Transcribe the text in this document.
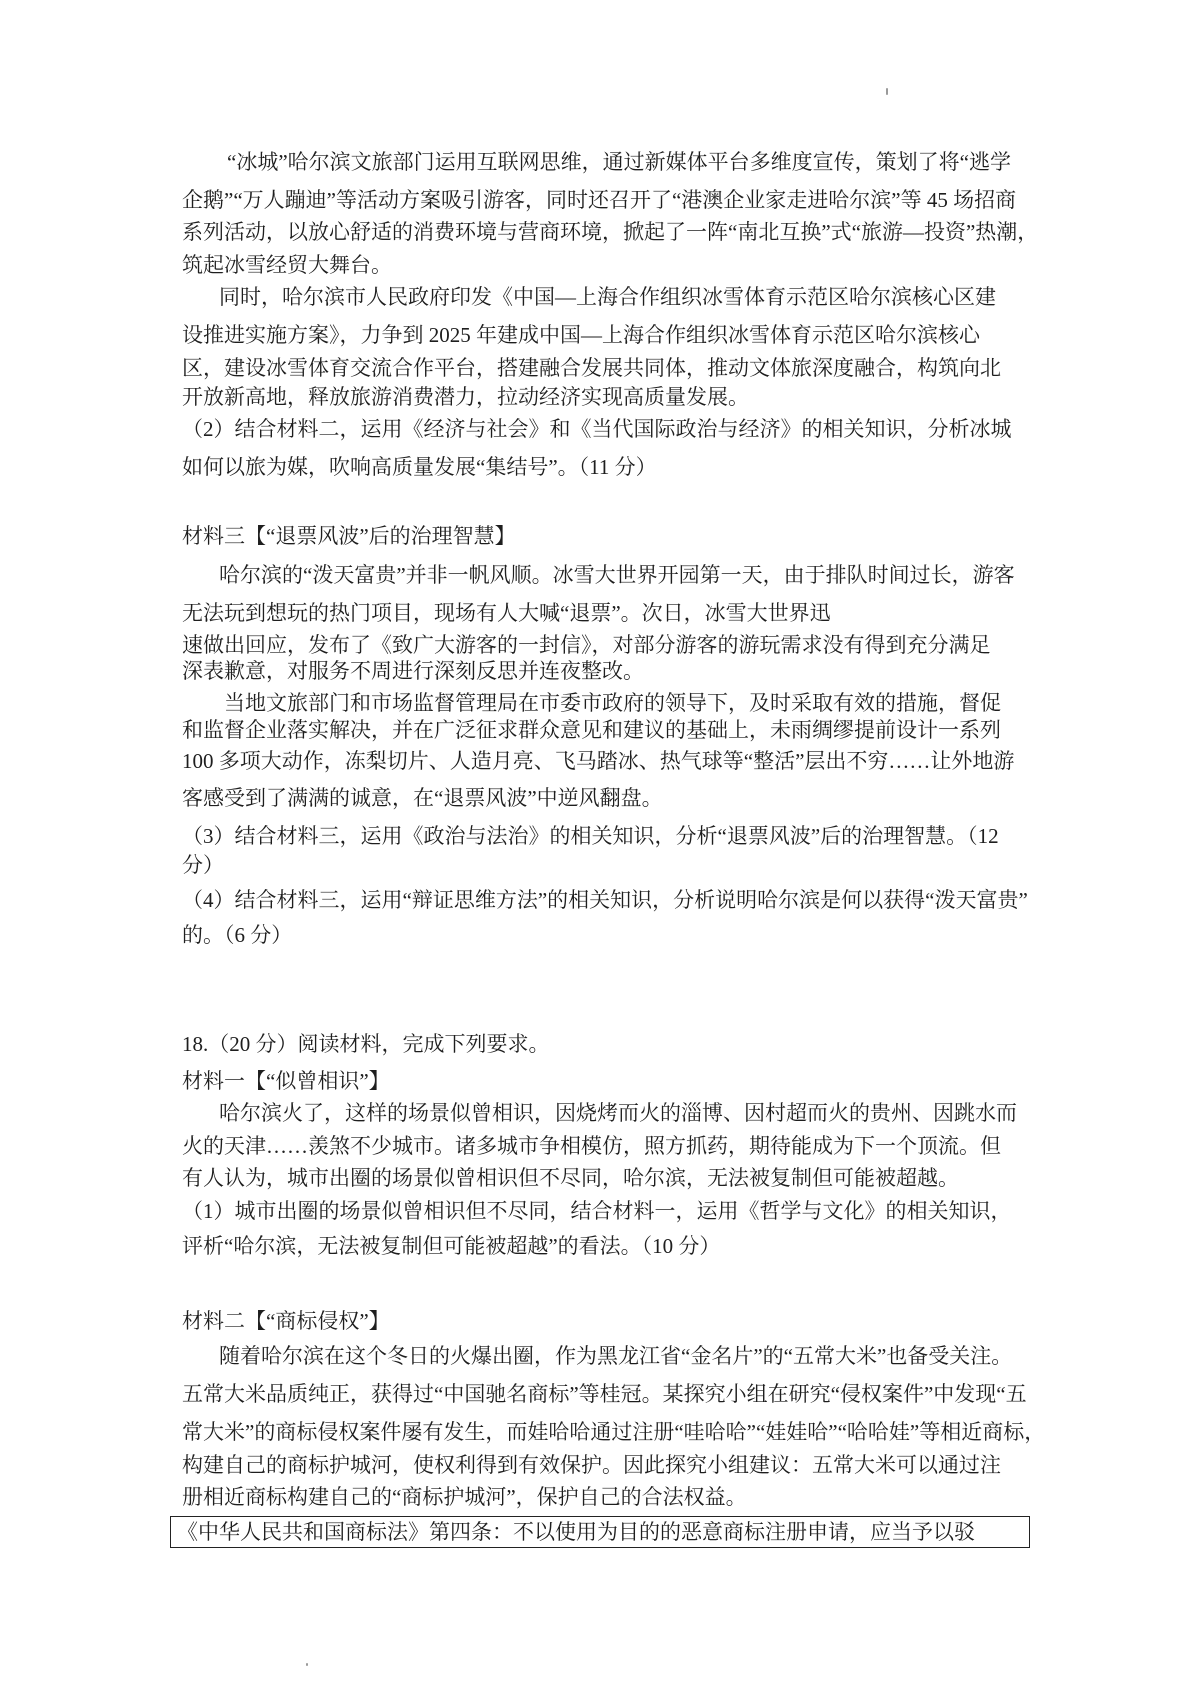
“冰城”哈尔滨文旅部门运用互联网思维，通过新媒体平台多维度宣传，策划了将“逃学
企鹅”“万人蹦迪”等活动方案吸引游客，同时还召开了“港澳企业家走进哈尔滨”等 45 场招商
系列活动，以放心舒适的消费环境与营商环境，掀起了一阵“南北互换”式“旅游—投资”热潮，
筑起冰雪经贸大舞台。
同时，哈尔滨市人民政府印发《中国—上海合作组织冰雪体育示范区哈尔滨核心区建
设推进实施方案》，力争到 2025 年建成中国—上海合作组织冰雪体育示范区哈尔滨核心
区，建设冰雪体育交流合作平台，搭建融合发展共同体，推动文体旅深度融合，构筑向北
开放新高地，释放旅游消费潜力，拉动经济实现高质量发展。
（2）结合材料二，运用《经济与社会》和《当代国际政治与经济》的相关知识，分析冰城
如何以旅为媒，吹响高质量发展“集结号”。（11 分）
材料三【“退票风波”后的治理智慧】
哈尔滨的“泼天富贵”并非一帆风顺。冰雪大世界开园第一天，由于排队时间过长，游客
无法玩到想玩的热门项目，现场有人大喊“退票”。次日，冰雪大世界迅
速做出回应，发布了《致广大游客的一封信》，对部分游客的游玩需求没有得到充分满足
深表歉意，对服务不周进行深刻反思并连夜整改。
当地文旅部门和市场监督管理局在市委市政府的领导下，及时采取有效的措施，督促
和监督企业落实解决，并在广泛征求群众意见和建议的基础上，未雨绸缪提前设计一系列
100 多项大动作，冻梨切片、人造月亮、飞马踏冰、热气球等“整活”层出不穷……让外地游
客感受到了满满的诚意，在“退票风波”中逆风翻盘。
（3）结合材料三，运用《政治与法治》的相关知识，分析“退票风波”后的治理智慧。（12
分）
（4）结合材料三，运用“辩证思维方法”的相关知识，分析说明哈尔滨是何以获得“泼天富贵”
的。（6 分）
18.（20 分）阅读材料，完成下列要求。
材料一【“似曾相识”】
哈尔滨火了，这样的场景似曾相识，因烧烤而火的淄博、因村超而火的贵州、因跳水而
火的天津……羡煞不少城市。诸多城市争相模仿，照方抓药，期待能成为下一个顶流。但
有人认为，城市出圈的场景似曾相识但不尽同，哈尔滨，无法被复制但可能被超越。
（1）城市出圈的场景似曾相识但不尽同，结合材料一，运用《哲学与文化》的相关知识，
评析“哈尔滨，无法被复制但可能被超越”的看法。（10 分）
材料二【“商标侵权”】
随着哈尔滨在这个冬日的火爆出圈，作为黑龙江省“金名片”的“五常大米”也备受关注。
五常大米品质纯正，获得过“中国驰名商标”等桂冠。某探究小组在研究“侵权案件”中发现“五
常大米”的商标侵权案件屡有发生，而娃哈哈通过注册“哇哈哈”“娃娃哈”“哈哈娃”等相近商标，
构建自己的商标护城河，使权利得到有效保护。因此探究小组建议：五常大米可以通过注
册相近商标构建自己的“商标护城河”，保护自己的合法权益。
《中华人民共和国商标法》第四条：不以使用为目的的恶意商标注册申请，应当予以驳
